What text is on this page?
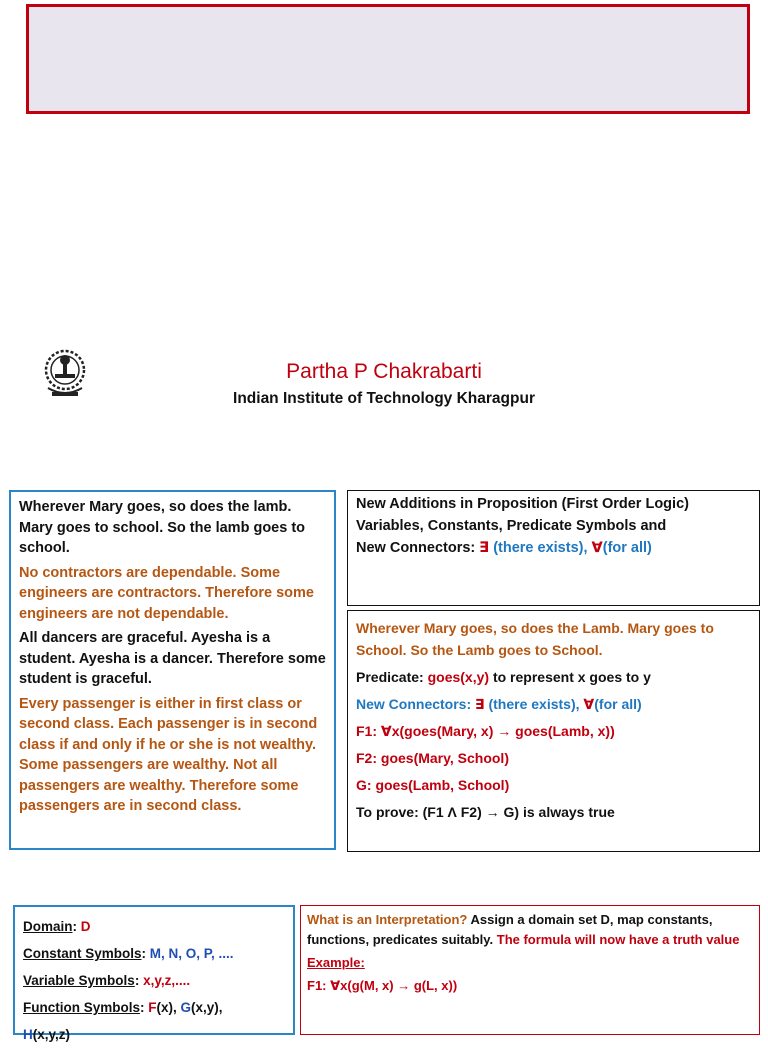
Partha P Chakrabarti
Indian Institute of Technology Kharagpur

Wherever Mary goes, so does the lamb. Mary goes to school. So the lamb goes to school.

No contractors are dependable. Some engineers are contractors. Therefore some engineers are not dependable.

All dancers are graceful. Ayesha is a student. Ayesha is a dancer. Therefore some student is graceful.

Every passenger is either in first class or second class. Each passenger is in second class if and only if he or she is not wealthy. Some passengers are wealthy. Not all passengers are wealthy. Therefore some passengers are in second class.

New Additions in Proposition (First Order Logic)

Variables, Constants, Predicate Symbols and

New Connectors: ∃ (there exists), ∀(for all)

Wherever Mary goes, so does the Lamb. Mary goes to School. So the Lamb goes to School.

Predicate: goes(x,y) to represent x goes to y

New Connectors: ∃ (there exists), ∀(for all)

F1: ∀x(goes(Mary, x) → goes(Lamb, x))

F2: goes(Mary, School)

G: goes(Lamb, School)

To prove: (F1 Λ F2) → G) is always true

Domain: D

Constant Symbols: M, N, O, P, ....

Variable Symbols: x,y,z,....

Function Symbols: F(x), G(x,y),

H(x,y,z)

What is an Interpretation? Assign a domain set D, map constants, functions, predicates suitably. The formula will now have a truth value

Example:

F1: ∀x(g(M, x) → g(L, x))
